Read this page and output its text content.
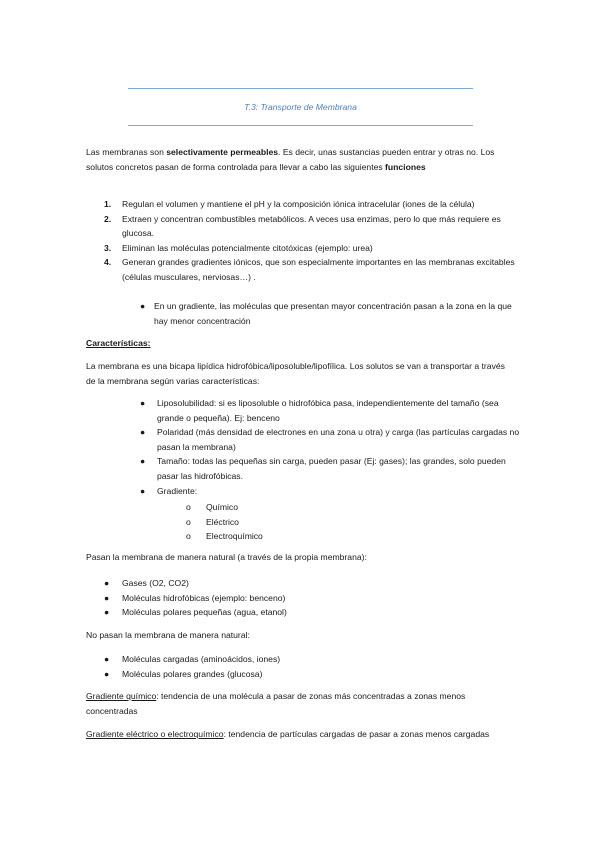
T.3: Transporte de Membrana
Las membranas son selectivamente permeables. Es decir, unas sustancias pueden entrar y otras no. Los solutos concretos pasan de forma controlada para llevar a cabo las siguientes funciones
1. Regulan el volumen y mantiene el pH y la composición iónica intracelular (iones de la célula)
2. Extraen y concentran combustibles metabólicos. A veces usa enzimas, pero lo que más requiere es glucosa.
3. Eliminan las moléculas potencialmente citotóxicas (ejemplo: urea)
4. Generan grandes gradientes iónicos, que son especialmente importantes en las membranas excitables (células musculares, nerviosas…) .
● En un gradiente, las moléculas que presentan mayor concentración pasan a la zona en la que hay menor concentración
Características:
La membrana es una bicapa lipídica hidrofóbica/liposoluble/lipofílica. Los solutos se van a transportar a través de la membrana según varias características:
● Liposolubilidad: si es liposoluble o hidrofóbica pasa, independientemente del tamaño (sea grande o pequeña). Ej: benceno
● Polaridad (más densidad de electrones en una zona u otra) y carga (las partículas cargadas no pasan la membrana)
● Tamaño: todas las pequeñas sin carga, pueden pasar (Ej: gases); las grandes, solo pueden pasar las hidrofóbicas.
● Gradiente:
o Químico
o Eléctrico
o Electroquímico
Pasan la membrana de manera natural (a través de la propia membrana):
● Gases (O2, CO2)
● Moléculas hidrofóbicas (ejemplo: benceno)
● Moléculas polares pequeñas (agua, etanol)
No pasan la membrana de manera natural:
● Moléculas cargadas (aminoácidos, iones)
● Moléculas polares grandes (glucosa)
Gradiente químico: tendencia de una molécula a pasar de zonas más concentradas a zonas menos concentradas
Gradiente eléctrico o electroquímico: tendencia de partículas cargadas de pasar a zonas menos cargadas
